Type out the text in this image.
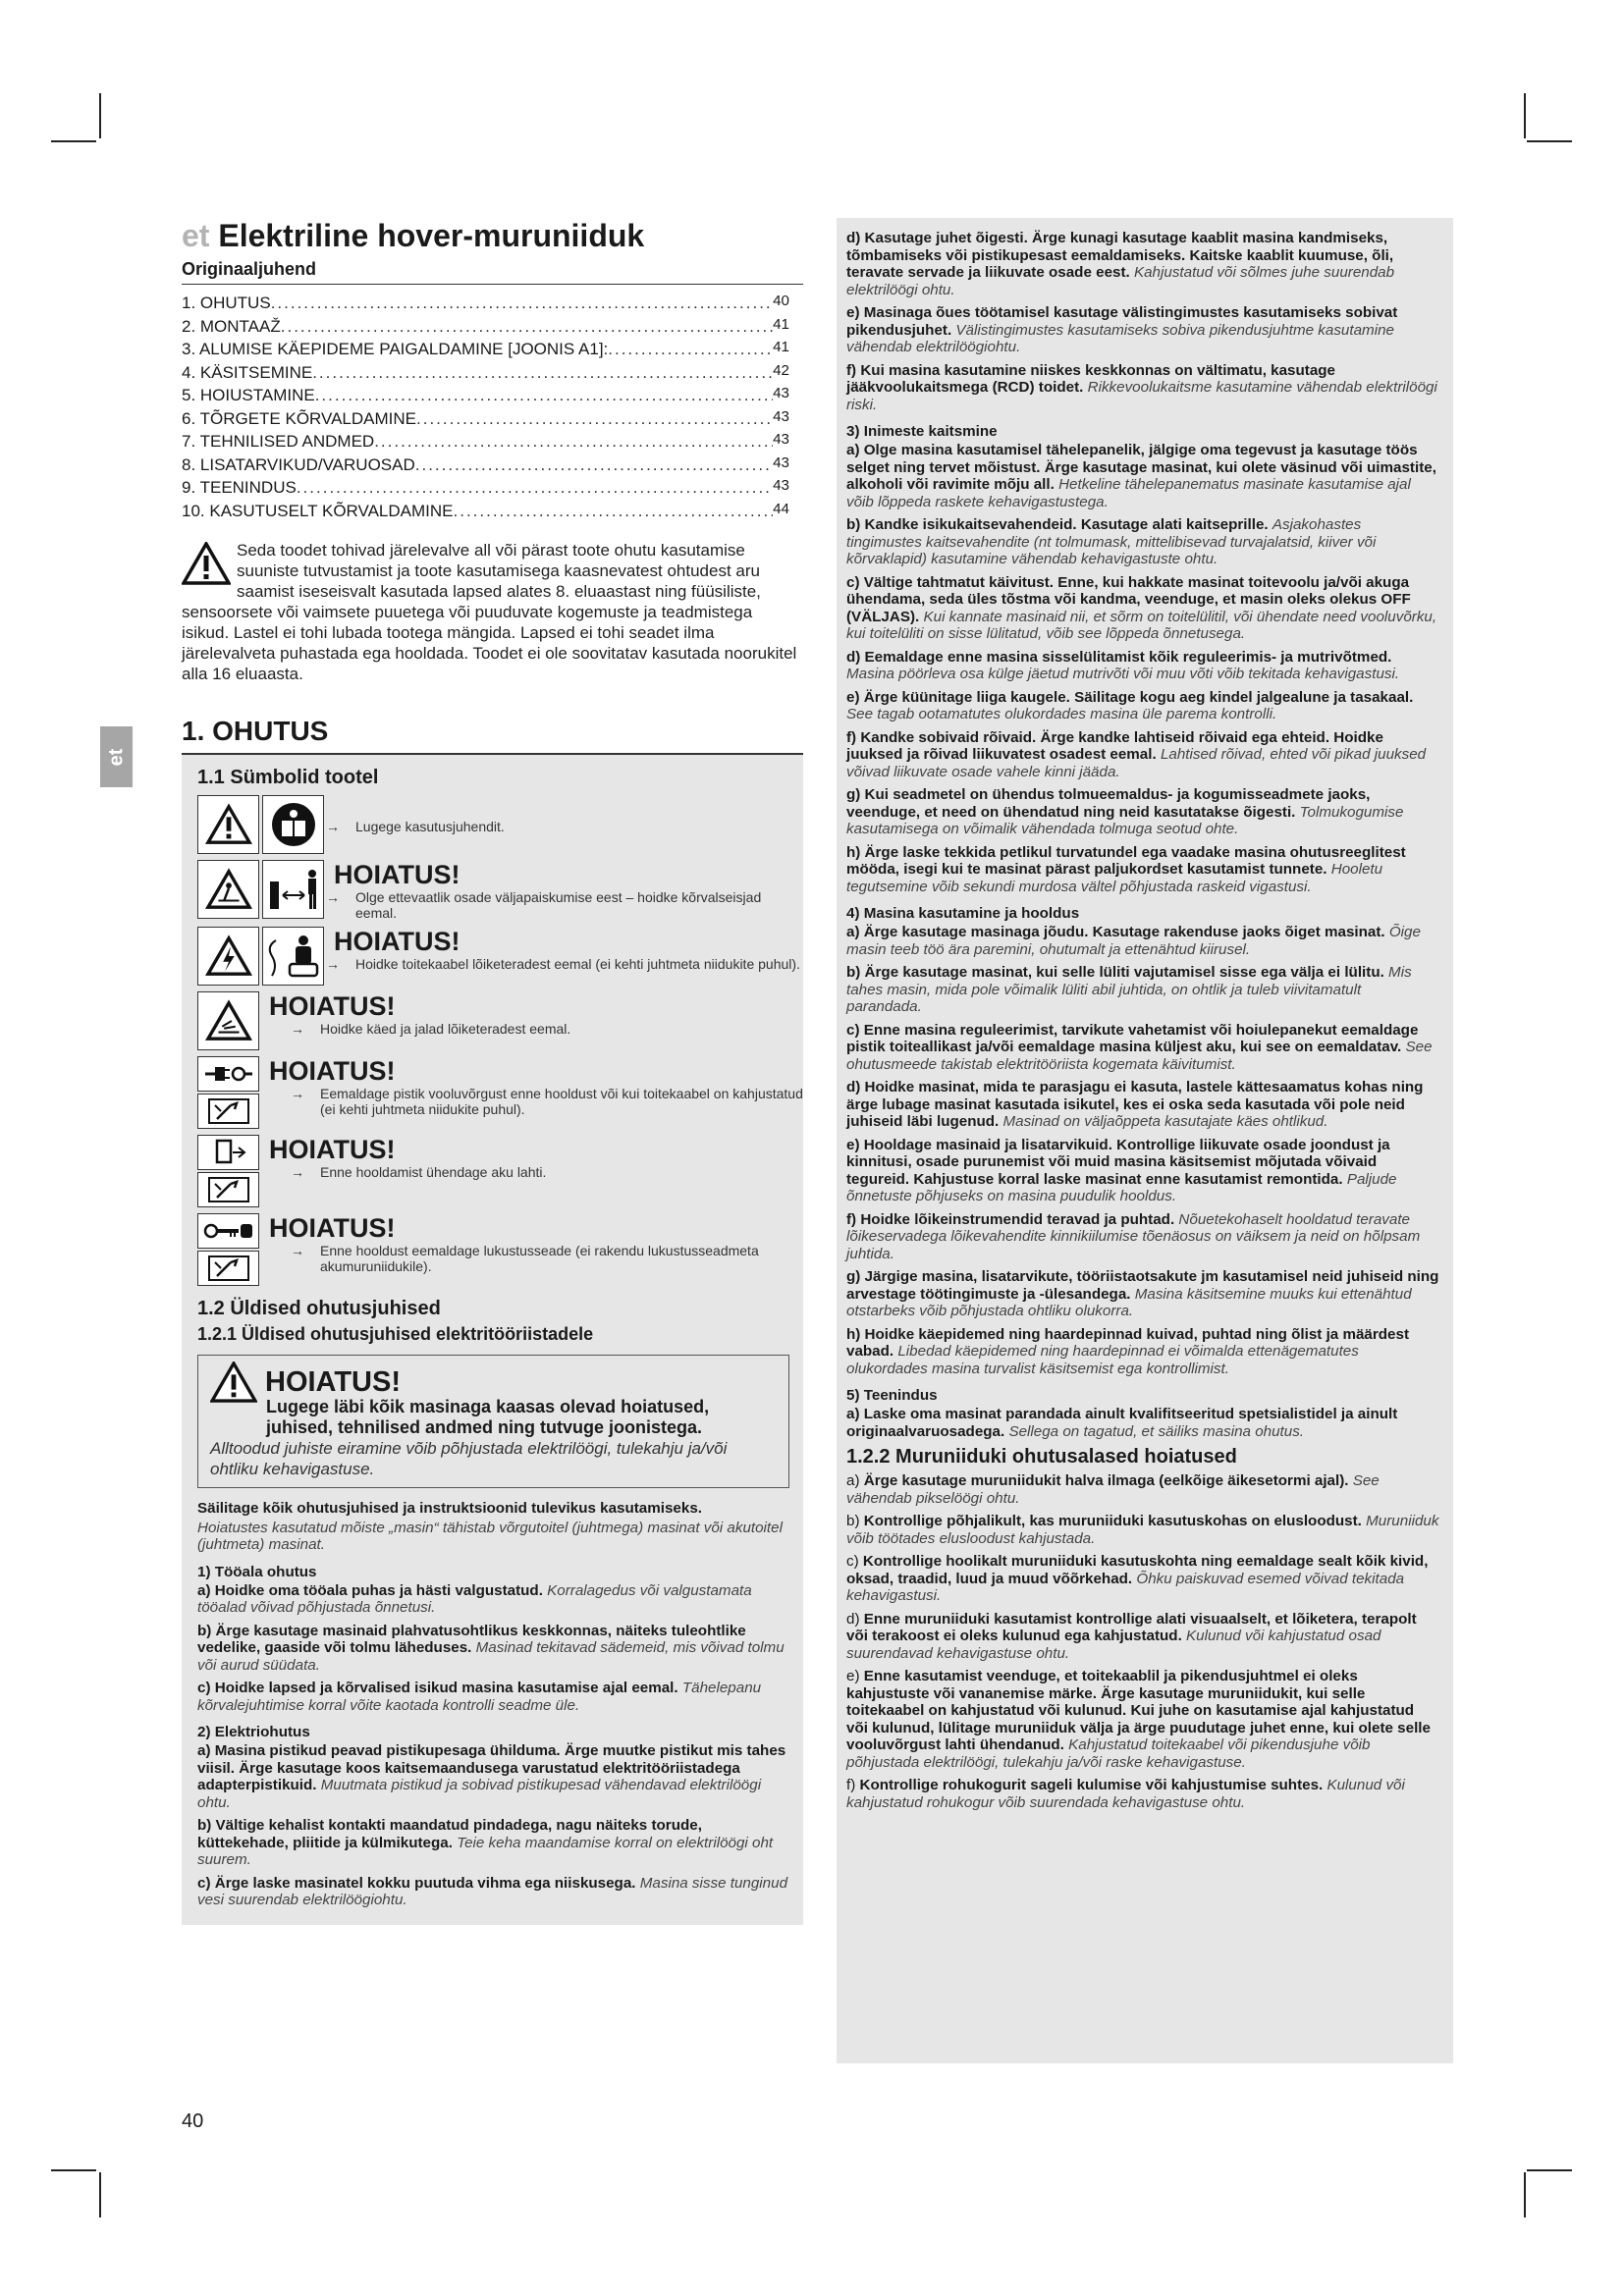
et
et Elektriline hover-muruniiduk
Originaaljuhend
1. OHUTUS .....	40
2. MONTAAŽ .....	41
3. ALUMISE KÄEPIDEME PAIGALDAMINE [JOONIS A1]: .....	41
4. KÄSITSEMINE .....	42
5. HOIUSTAMINE .....	43
6. TÕRGETE KÕRVALDAMINE .....	43
7. TEHNILISED ANDMED .....	43
8. LISATARVIKUD/VARUOSAD .....	43
9. TEENINDUS .....	43
10. KASUTUSELT KÕRVALDAMINE .....	44
Seda toodet tohivad järelevalve all või pärast toote ohutu kasutamise suuniste tutvustamist ja toote kasutamisega kaasnevatest ohtudest aru saamist iseseisvalt kasutada lapsed alates 8. eluaastast ning füüsiliste, sensoorsete või vaimsete puuetega või puuduvate kogemuste ja teadmistega isikud. Lastel ei tohi lubada tootega mängida. Lapsed ei tohi seadet ilma järelevalveta puhastada ega hooldada. Toodet ei ole soovitatav kasutada noorukitel alla 16 eluaasta.
1. OHUTUS
1.1 Sümbolid tootel
→ Lugege kasutusjuhendit.
HOIATUS!
→ Olge ettevaatlik osade väljapaiskumise eest – hoidke kõrvalseisjad eemal.
HOIATUS!
→ Hoidke toitekaabel lõiketeradest eemal (ei kehti juhtmeta niidukite puhul).
HOIATUS!
→ Hoidke käed ja jalad lõiketeradest eemal.
HOIATUS!
→ Eemaldage pistik vooluvõrgust enne hooldust või kui toitekaabel on kahjustatud (ei kehti juhtmeta niidukite puhul).
HOIATUS!
→ Enne hooldamist ühendage aku lahti.
HOIATUS!
→ Enne hooldust eemaldage lukustusseade (ei rakendu lukustusseadmeta akumuruniidukile).
1.2 Üldised ohutusjuhised
1.2.1 Üldised ohutusjuhised elektritööriistadele
HOIATUS!
Lugege läbi kõik masinaga kaasas olevad hoiatused, juhised, tehnilised andmed ning tutvuge joonistega.
Alltoodud juhiste eiramine võib põhjustada elektrilöögi, tulekahju ja/või ohtliku kehavigastuse.
Säilitage kõik ohutusjuhised ja instruktsioonid tulevikus kasutamiseks.
Hoiatustes kasutatud mõiste „masin“ tähistab võrgutoitel (juhtmega) masinat või akutoitel (juhtmeta) masinat.
1) Tööala ohutus
a) Hoidke oma tööala puhas ja hästi valgustatud. Korralagedus või valgustamata tööalad võivad põhjustada õnnetusi.
b) Ärge kasutage masinaid plahvatusohtlikus keskkonnas, näiteks tuleohtlike vedelike, gaaside või tolmu läheduses. Masinad tekitavad sädemeid, mis võivad tolmu või aurud süüdata.
c) Hoidke lapsed ja kõrvalised isikud masina kasutamise ajal eemal. Tähelepanu kõrvalejuhtimise korral võite kaotada kontrolli seadme üle.
2) Elektriohutus
a) Masina pistikud peavad pistikupesaga ühilduma. Ärge muutke pistikut mis tahes viisil. Ärge kasutage koos kaitsemaandusega varustatud elektritööriistadega adapterpistikuid. Muutmata pistikud ja sobivad pistikupesad vähendavad elektrilöögi ohtu.
b) Vältige kehalist kontakti maandatud pindadega, nagu näiteks torude, küttekehade, pliitide ja külmikutega. Teie keha maandamise korral on elektrilöögi oht suurem.
c) Ärge laske masinatel kokku puutuda vihma ega niiskusega. Masina sisse tunginud vesi suurendab elektrilöögiohtu.
d) Kasutage juhet õigesti. Ärge kunagi kasutage kaablit masina kandmiseks, tõmbamiseks või pistikupesast eemaldamiseks. Kaitske kaablit kuumuse, õli, teravate servade ja liikuvate osade eest. Kahjustatud või sõlmes juhe suurendab elektrilöögi ohtu.
e) Masinaga õues töötamisel kasutage välistingimustes kasutamiseks sobivat pikendusjuhet. Välistingimustes kasutamiseks sobiva pikendusjuhtme kasutamine vähendab elektrilöögiohtu.
f) Kui masina kasutamine niiskes keskkonnas on vältimatu, kasutage jääkvoolukaitsmega (RCD) toidet. Rikkevoolukaitsme kasutamine vähendab elektrilöögi riski.
3) Inimeste kaitsmine
a) Olge masina kasutamisel tähelepanelik, jälgige oma tegevust ja kasutage töös selget ning tervet mõistust. Ärge kasutage masinat, kui olete väsinud või uimastite, alkoholi või ravimite mõju all. Hetkeline tähelepanematus masinate kasutamise ajal võib lõppeda raskete kehavigastustega.
b) Kandke isikukaitsevahendeid. Kasutage alati kaitseprille. Asjakohastes tingimustes kaitsevahendite (nt tolmumask, mittelibisevad turvajalatsid, kiiver või kõrvaklapid) kasutamine vähendab kehavigastuste ohtu.
c) Vältige tahtmatut käivitust. Enne, kui hakkate masinat toitevoolu ja/või akuga ühendama, seda üles tõstma või kandma, veenduge, et masin oleks olekus OFF (VÄLJAS). Kui kannate masinaid nii, et sõrm on toitelülitil, või ühendate need vooluvõrku, kui toitelüliti on sisse lülitatud, võib see lõppeda õnnetusega.
d) Eemaldage enne masina sisselülitamist kõik reguleerimis- ja mutrivõtmed. Masina pöörleva osa külge jäetud mutrivõti või muu võti võib tekitada kehavigastusi.
e) Ärge küünitage liiga kaugele. Säilitage kogu aeg kindel jalgealune ja tasakaal. See tagab ootamatutes olukordades masina üle parema kontrolli.
f) Kandke sobivaid rõivaid. Ärge kandke lahtiseid rõivaid ega ehteid. Hoidke juuksed ja rõivad liikuvatest osadest eemal. Lahtised rõivad, ehted või pikad juuksed võivad liikuvate osade vahele kinni jääda.
g) Kui seadmetel on ühendus tolmueemaldus- ja kogumisseadmete jaoks, veenduge, et need on ühendatud ning neid kasutatakse õigesti. Tolmukogumise kasutamisega on võimalik vähendada tolmuga seotud ohte.
h) Ärge laske tekkida petlikul turvatundel ega vaadake masina ohutusreeglitest mööda, isegi kui te masinat pärast paljukordset kasutamist tunnete. Hooletu tegutsemine võib sekundi murdosa vältel põhjustada raskeid vigastusi.
4) Masina kasutamine ja hooldus
a) Ärge kasutage masinaga jõudu. Kasutage rakenduse jaoks õiget masinat. Õige masin teeb töö ära paremini, ohutumalt ja ettenähtud kiirusel.
b) Ärge kasutage masinat, kui selle lüliti vajutamisel sisse ega välja ei lülitu. Mis tahes masin, mida pole võimalik lüliti abil juhtida, on ohtlik ja tuleb viivitamatult parandada.
c) Enne masina reguleerimist, tarvikute vahetamist või hoiulepanekut eemaldage pistik toiteallikast ja/või eemaldage masina küljest aku, kui see on eemaldatav. See ohutusmeede takistab elektritööriista kogemata käivitumist.
d) Hoidke masinat, mida te parasjagu ei kasuta, lastele kättesaamatus kohas ning ärge lubage masinat kasutada isikutel, kes ei oska seda kasutada või pole neid juhiseid läbi lugenud. Masinad on väljaõppeta kasutajate käes ohtlikud.
e) Hooldage masinaid ja lisatarvikuid. Kontrollige liikuvate osade joondust ja kinnitusi, osade purunemist või muid masina käsitsemist mõjutada võivaid tegureid. Kahjustuse korral laske masinat enne kasutamist remontida. Paljude õnnetuste põhjuseks on masina puudulik hooldus.
f) Hoidke lõikeinstrumendid teravad ja puhtad. Nõuetekohaselt hooldatud teravate lõikeservadega lõikevahendite kinnikiilumise tõenäosus on väiksem ja neid on hõlpsam juhtida.
g) Järgige masina, lisatarvikute, tööriistaotsakute jm kasutamisel neid juhiseid ning arvestage töötingimuste ja -ülesandega. Masina käsitsemine muuks kui ettenähtud otstarbeks võib põhjustada ohtliku olukorra.
h) Hoidke käepidemed ning haardepinnad kuivad, puhtad ning õlist ja määrdest vabad. Libedad käepidemed ning haardepinnad ei võimalda ettenägematutes olukordades masina turvalist käsitsemist ega kontrollimist.
5) Teenindus
a) Laske oma masinat parandada ainult kvalifitseeritud spetsialistidel ja ainult originaalvaruosadega. Sellega on tagatud, et säiliks masina ohutus.
1.2.2 Muruniiduki ohutusalased hoiatused
a) Ärge kasutage muruniidukit halva ilmaga (eelkõige äikesetormi ajal). See vähendab pikselöögi ohtu.
b) Kontrollige põhjalikult, kas muruniiduki kasutuskohas on elusloodust. Muruniiduk võib töötades elusloodust kahjustada.
c) Kontrollige hoolikalt muruniiduki kasutuskohta ning eemaldage sealt kõik kivid, oksad, traadid, luud ja muud võõrkehad. Õhku paiskuvad esemed võivad tekitada kehavigastusi.
d) Enne muruniiduki kasutamist kontrollige alati visuaalselt, et lõiketera, terapolt või terakoost ei oleks kulunud ega kahjustatud. Kulunud või kahjustatud osad suurendavad kehavigastuse ohtu.
e) Enne kasutamist veenduge, et toitekaablil ja pikendusjuhtmel ei oleks kahjustuste või vananemise märke. Ärge kasutage muruniidukit, kui selle toitekaabel on kahjustatud või kulunud. Kui juhe on kasutamise ajal kahjustatud või kulunud, lülitage muruniiduk välja ja ärge puudutage juhet enne, kui olete selle vooluvõrgust lahti ühendanud. Kahjustatud toitekaabel või pikendusjuhe võib põhjustada elektrilöögi, tulekahju ja/või raske kehavigastuse.
f) Kontrollige rohukogurit sageli kulumise või kahjustumise suhtes. Kulunud või kahjustatud rohukogur võib suurendada kehavigastuse ohtu.
40
